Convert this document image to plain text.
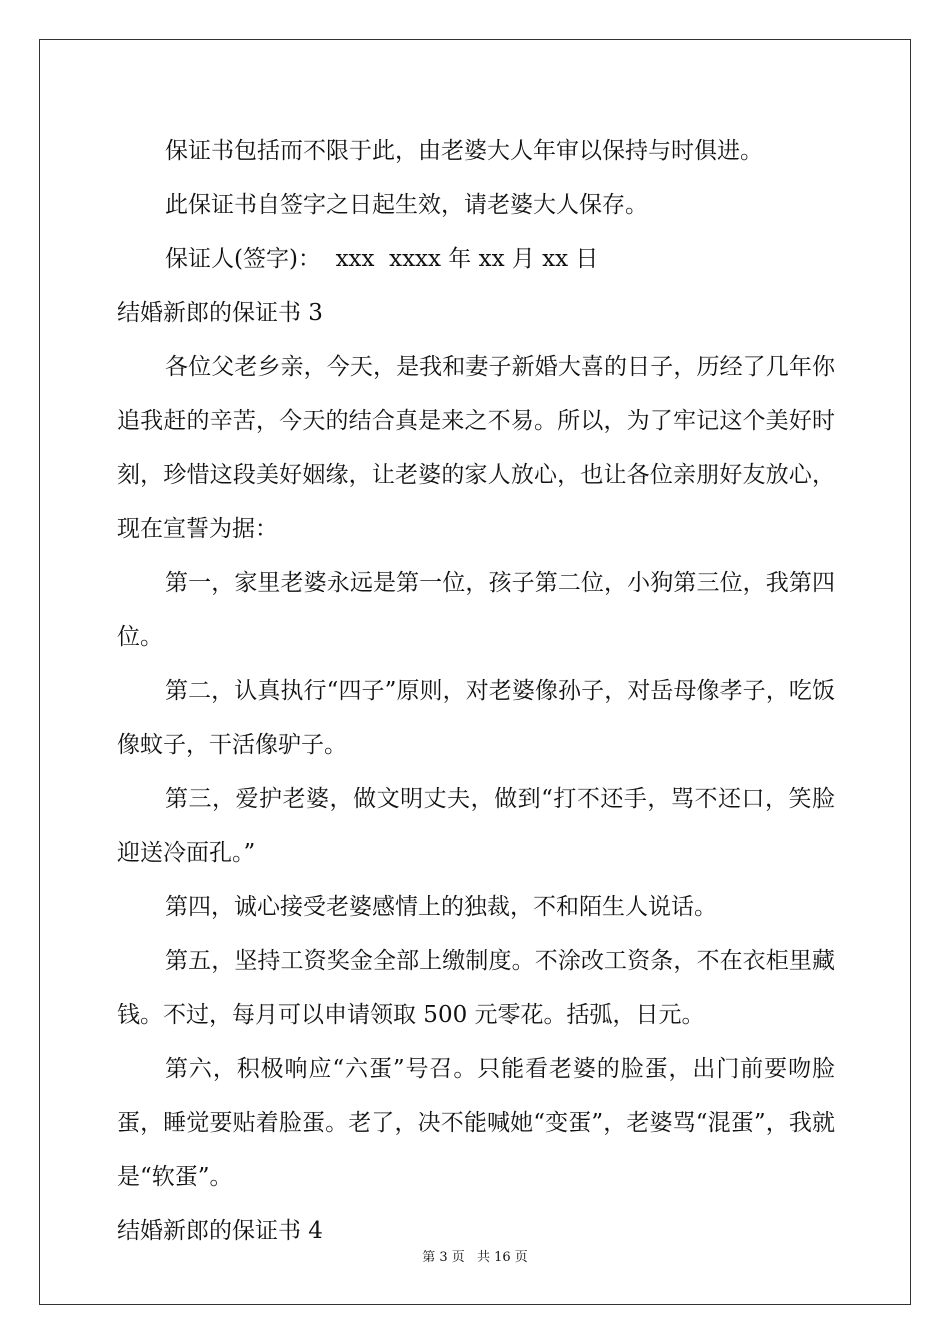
保证书包括而不限于此，由老婆大人年审以保持与时俱进。

此保证书自签字之日起生效，请老婆大人保存。

保证人(签字)：  xxx  xxxx 年 xx 月 xx 日

结婚新郎的保证书 3

各位父老乡亲，今天，是我和妻子新婚大喜的日子，历经了几年你追我赶的辛苦，今天的结合真是来之不易。所以，为了牢记这个美好时刻，珍惜这段美好姻缘，让老婆的家人放心，也让各位亲朋好友放心，现在宣誓为据：

第一，家里老婆永远是第一位，孩子第二位，小狗第三位，我第四位。

第二，认真执行“四子”原则，对老婆像孙子，对岳母像孝子，吃饭像蚊子，干活像驴子。

第三，爱护老婆，做文明丈夫，做到“打不还手，骂不还口，笑脸迎送冷面孔。”

第四，诚心接受老婆感情上的独裁，不和陌生人说话。

第五，坚持工资奖金全部上缴制度。不涂改工资条，不在衣柜里藏钱。不过，每月可以申请领取 500 元零花。括弧，日元。

第六，积极响应“六蛋”号召。只能看老婆的脸蛋，出门前要吻脸蛋，睡觉要贴着脸蛋。老了，决不能喊她“变蛋”，老婆骂“混蛋”，我就是“软蛋”。

结婚新郎的保证书 4

第 3 页 共 16 页
